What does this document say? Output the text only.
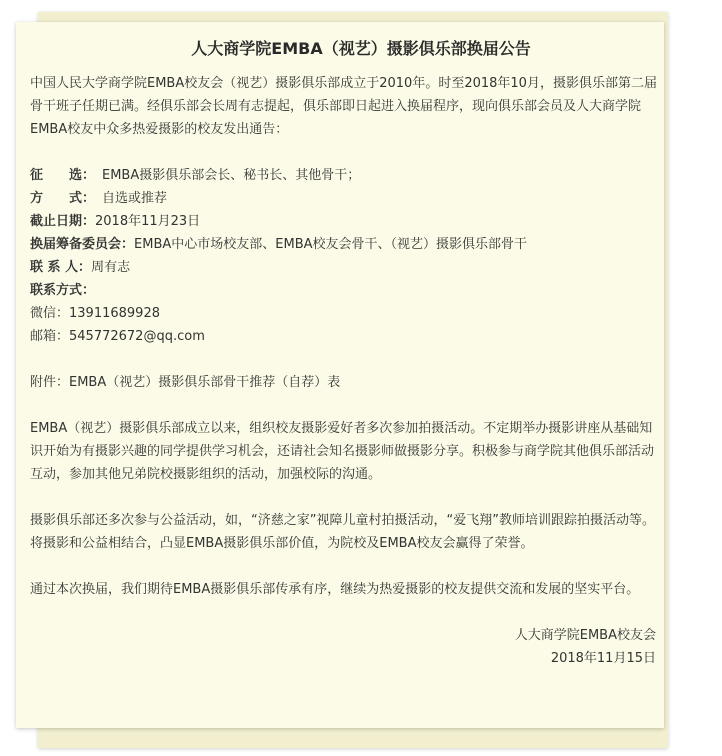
人大商学院EMBA（视艺）摄影俱乐部换届公告

中国人民大学商学院EMBA校友会（视艺）摄影俱乐部成立于2010年。时至2018年10月，摄影俱乐部第二届骨干班子任期已满。经俱乐部会长周有志提起，俱乐部即日起进入换届程序，现向俱乐部会员及人大商学院EMBA校友中众多热爱摄影的校友发出通告：

征　　选： EMBA摄影俱乐部会长、秘书长、其他骨干；

方　　式： 自选或推荐

截止日期：2018年11月23日

换届筹备委员会：EMBA中心市场校友部、EMBA校友会骨干、（视艺）摄影俱乐部骨干

联 系 人：周有志

联系方式：

微信：13911689928

邮箱：545772672@qq.com

附件：EMBA（视艺）摄影俱乐部骨干推荐（自荐）表

EMBA（视艺）摄影俱乐部成立以来，组织校友摄影爱好者多次参加拍摄活动。不定期举办摄影讲座从基础知识开始为有摄影兴趣的同学提供学习机会，还请社会知名摄影师做摄影分享。积极参与商学院其他俱乐部活动互动，参加其他兄弟院校摄影组织的活动，加强校际的沟通。

摄影俱乐部还多次参与公益活动，如，“济慈之家”视障儿童村拍摄活动，“爱飞翔”教师培训跟踪拍摄活动等。将摄影和公益相结合，凸显EMBA摄影俱乐部价值，为院校及EMBA校友会赢得了荣誉。

通过本次换届，我们期待EMBA摄影俱乐部传承有序，继续为热爱摄影的校友提供交流和发展的坚实平台。

人大商学院EMBA校友会

2018年11月15日
